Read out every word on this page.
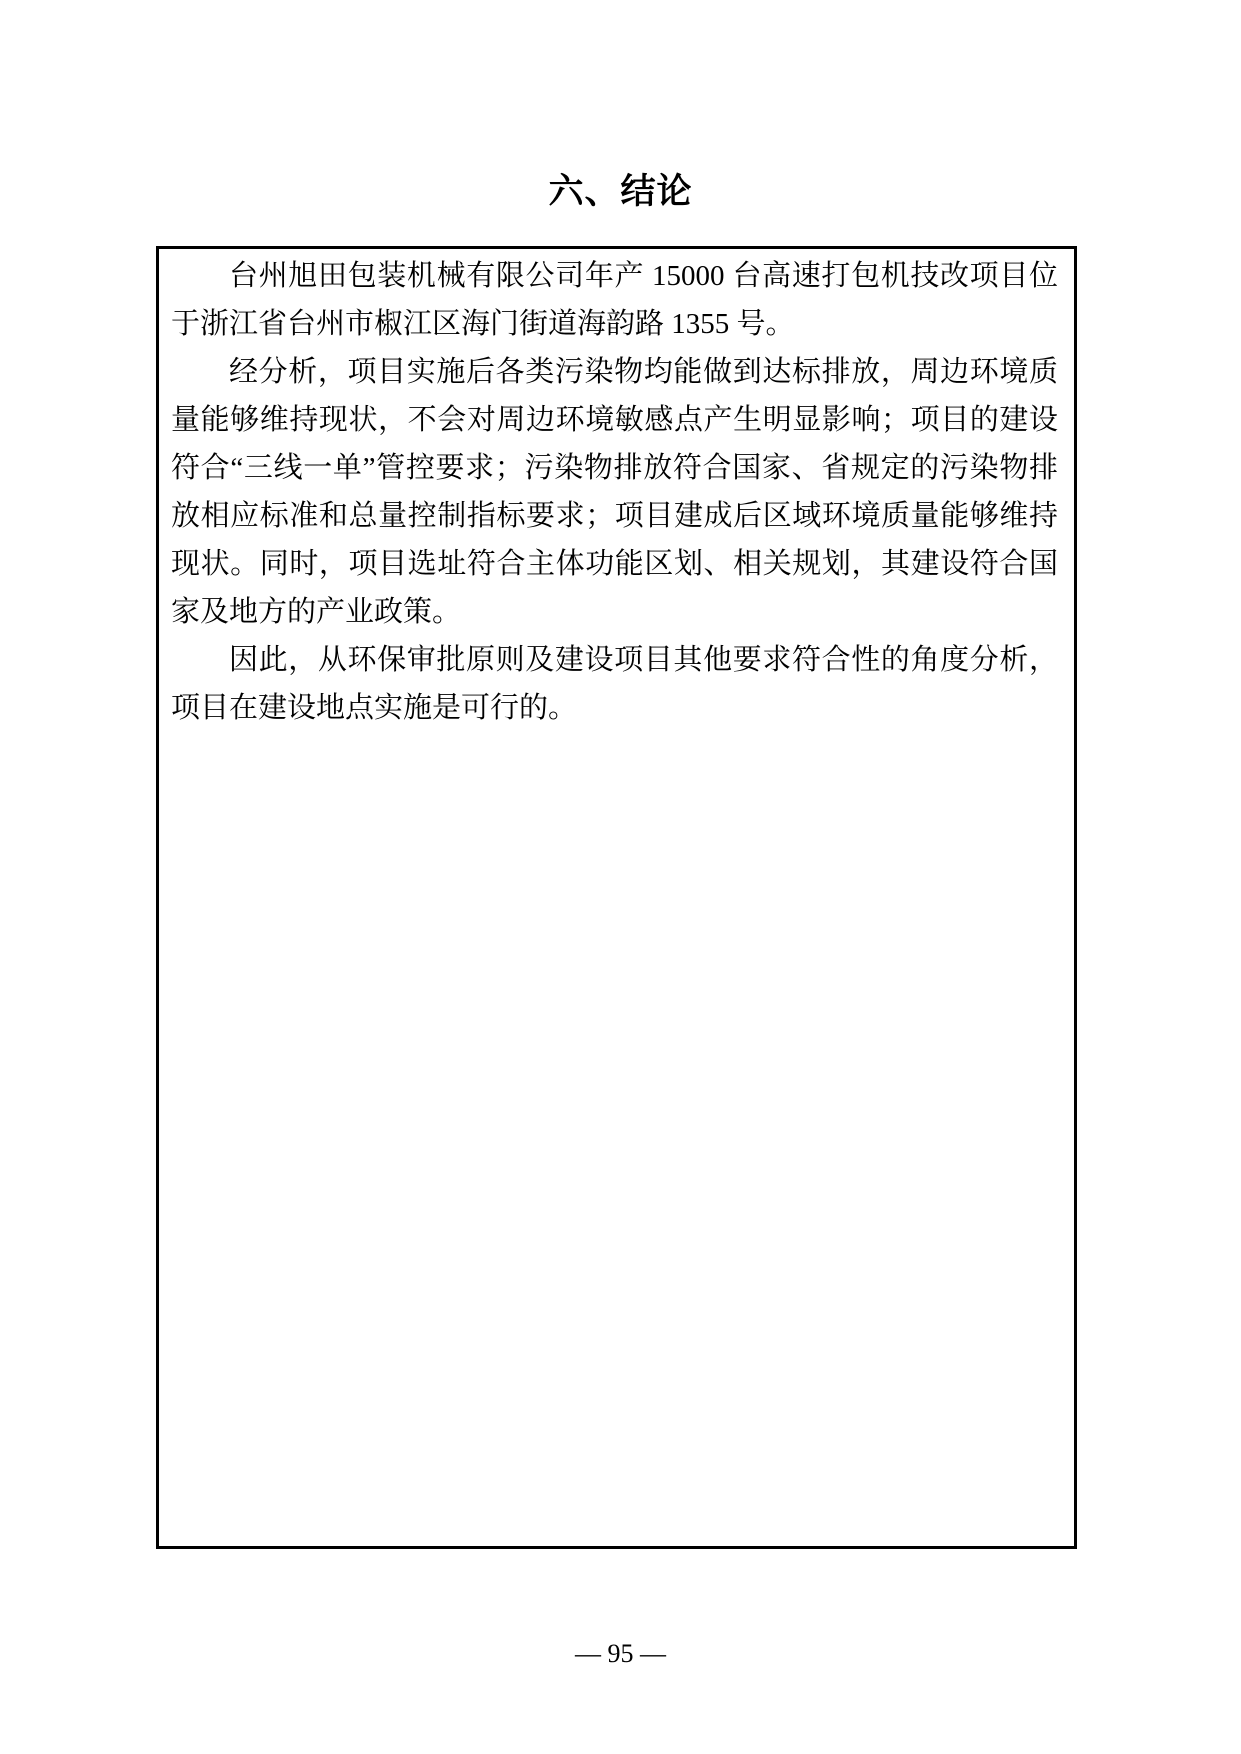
六、结论

台州旭田包装机械有限公司年产 15000 台高速打包机技改项目位于浙江省台州市椒江区海门街道海韵路 1355 号。

经分析，项目实施后各类污染物均能做到达标排放，周边环境质量能够维持现状，不会对周边环境敏感点产生明显影响；项目的建设符合“三线一单”管控要求；污染物排放符合国家、省规定的污染物排放相应标准和总量控制指标要求；项目建成后区域环境质量能够维持现状。同时，项目选址符合主体功能区划、相关规划，其建设符合国家及地方的产业政策。

因此，从环保审批原则及建设项目其他要求符合性的角度分析，项目在建设地点实施是可行的。

— 95 —
